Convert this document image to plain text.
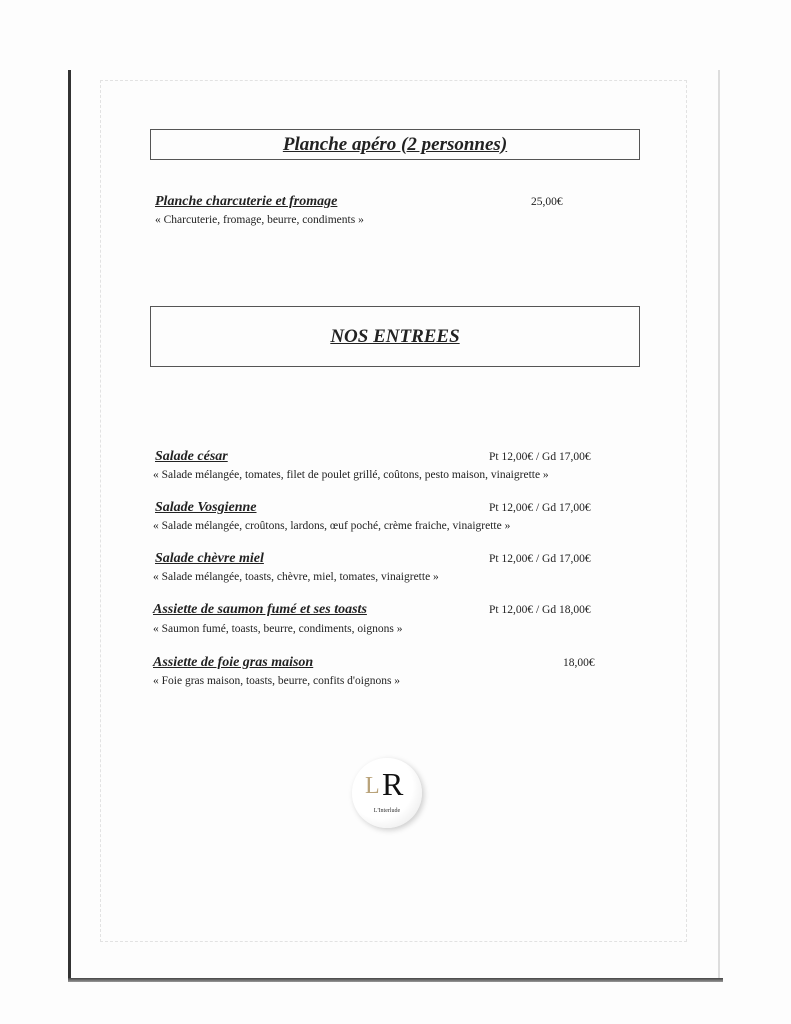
Planche apéro (2 personnes)
Planche charcuterie et fromage	25,00€
« Charcuterie, fromage, beurre, condiments »
NOS ENTREES
Salade césar	Pt 12,00€ / Gd 17,00€
« Salade mélangée, tomates, filet de poulet grillé, coûtons, pesto maison, vinaigrette »
Salade Vosgienne	Pt 12,00€ / Gd 17,00€
« Salade mélangée, croûtons, lardons, œuf poché, crème fraiche, vinaigrette »
Salade chèvre miel	Pt 12,00€ / Gd 17,00€
« Salade mélangée, toasts, chèvre, miel, tomates, vinaigrette »
Assiette de saumon fumé et ses toasts	Pt 12,00€ / Gd 18,00€
« Saumon fumé, toasts, beurre, condiments, oignons »
Assiette de foie gras maison	18,00€
« Foie gras maison, toasts, beurre, confits d'oignons »
L R
L'Interlude
